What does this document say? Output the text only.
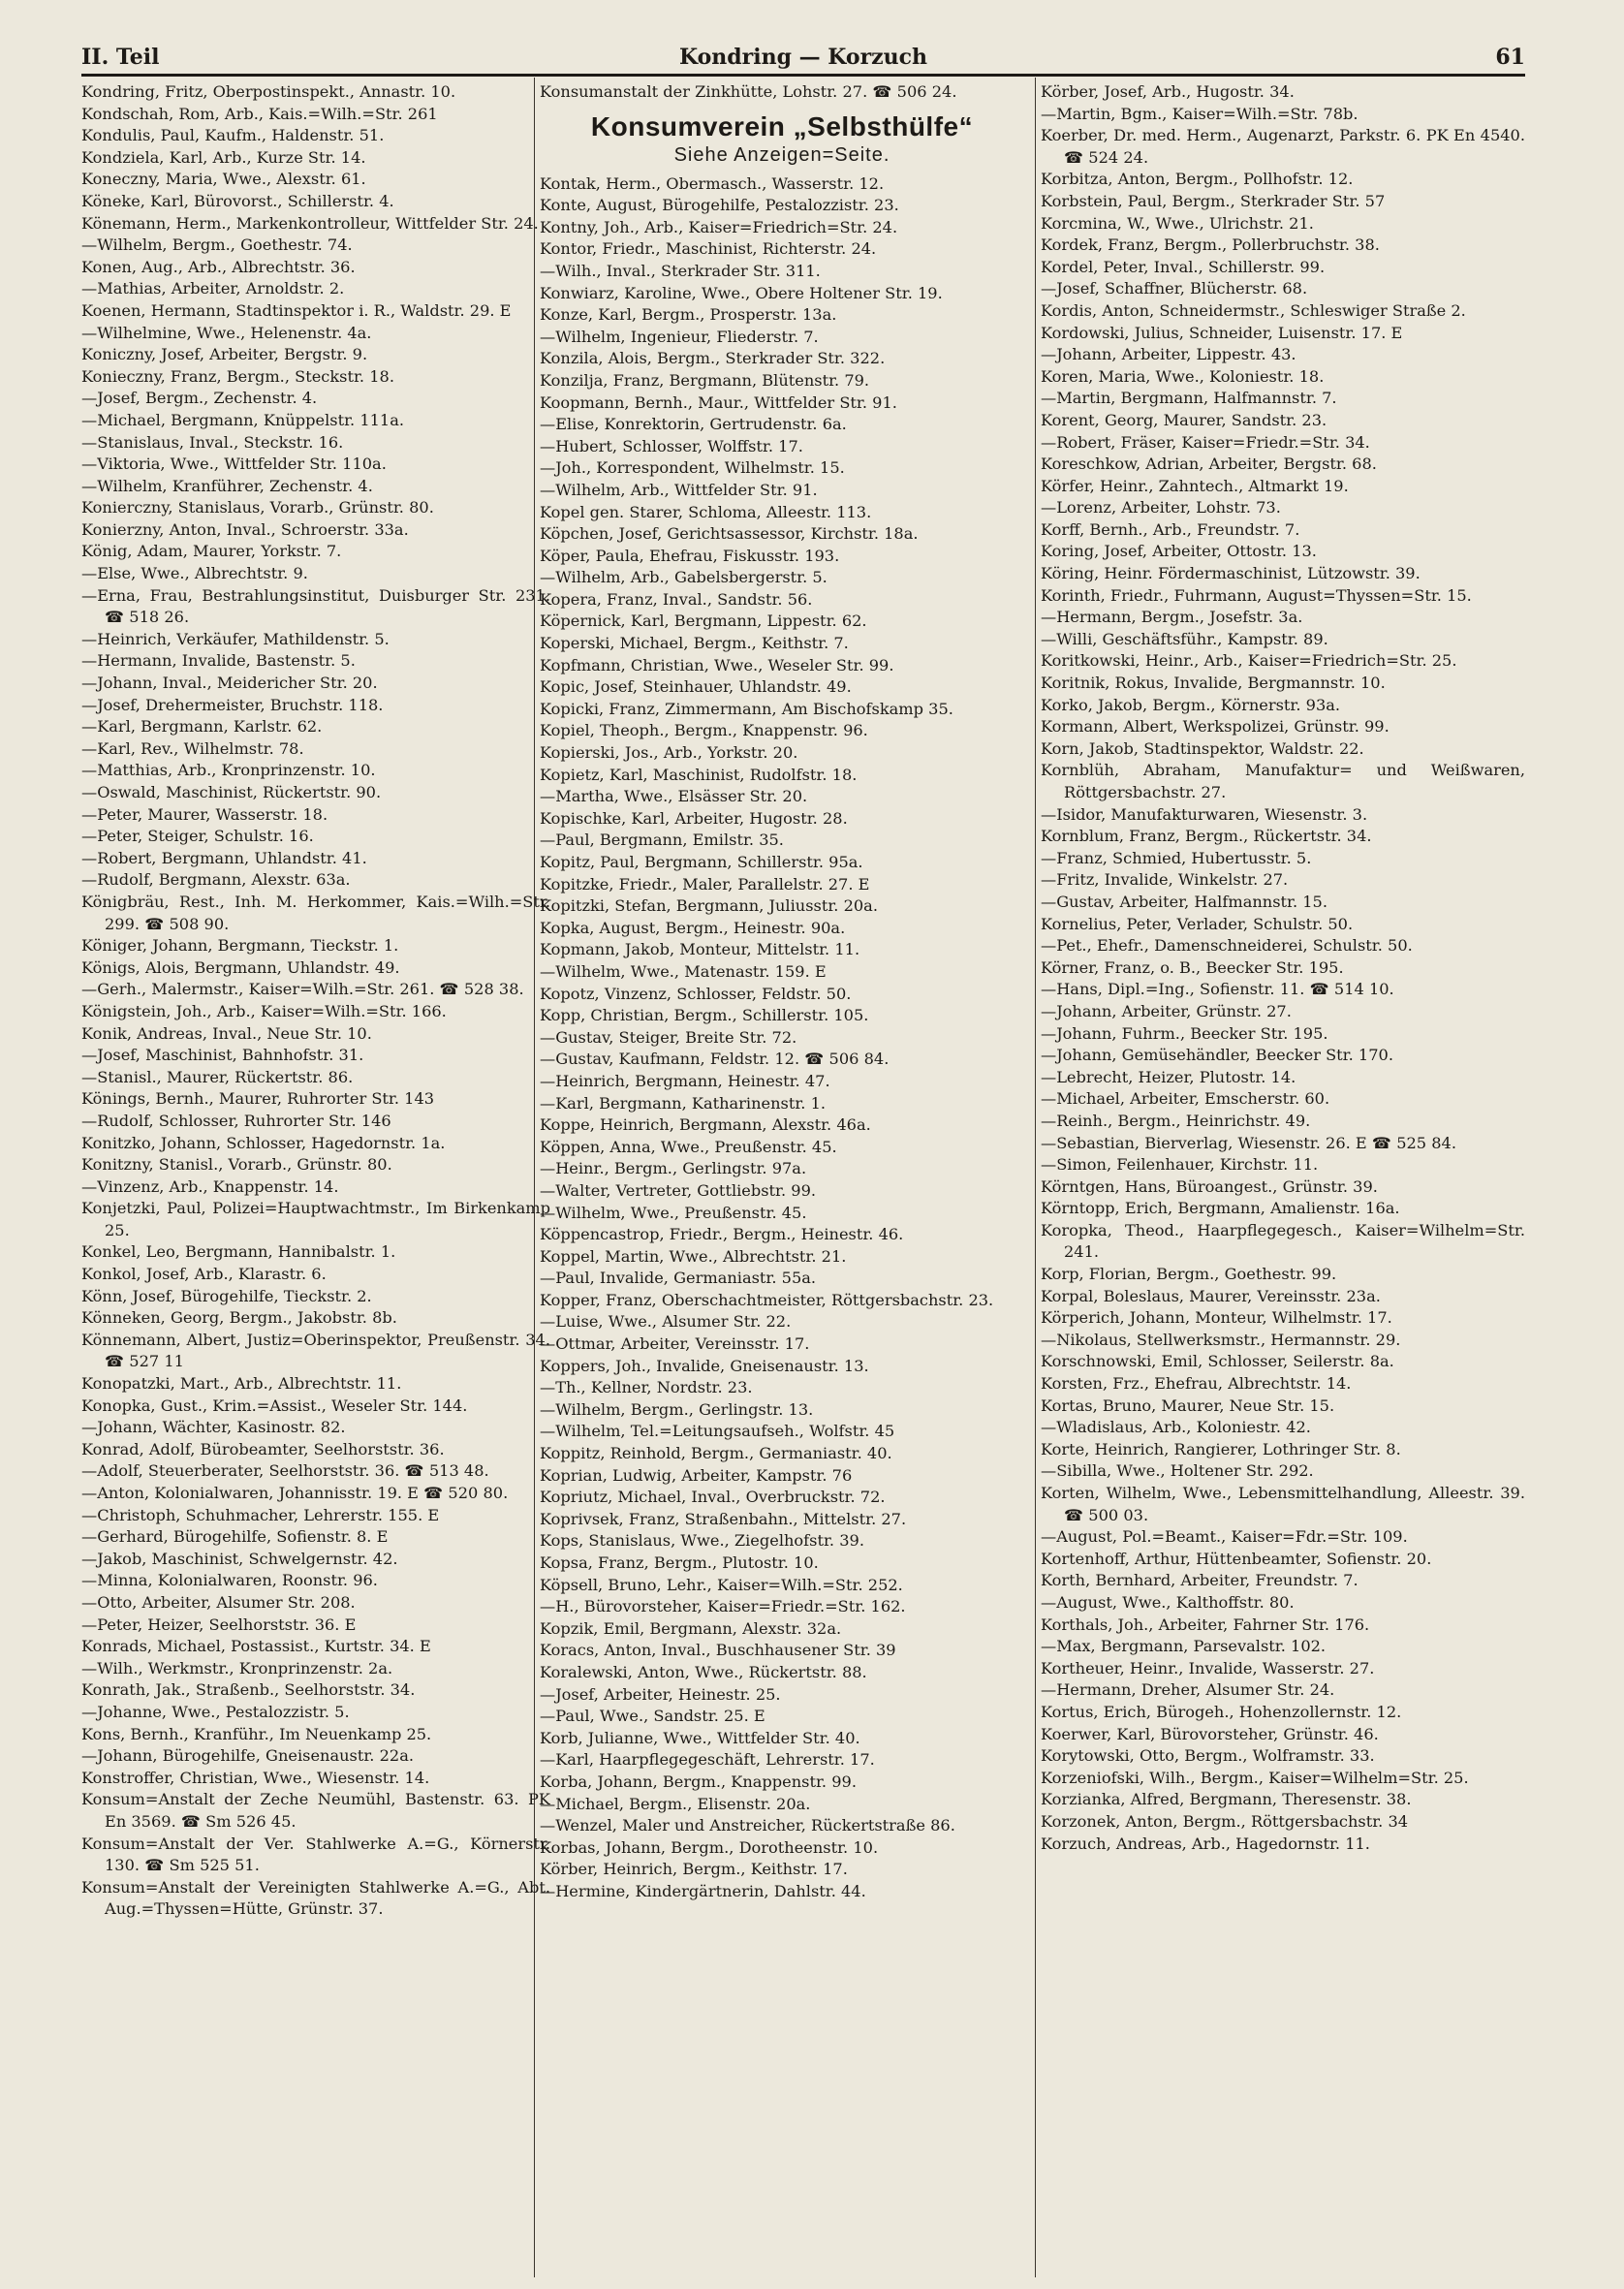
II. Teil	Kondring — Korzuch	61
Kondring, Fritz, Oberpostinspekt., Annastr. 10.
Kondschah, Rom, Arb., Kais.=Wilh.=Str. 261
Kondulis, Paul, Kaufm., Haldenstr. 51.
Kondziela, Karl, Arb., Kurze Str. 14.
Koneczny, Maria, Wwe., Alexstr. 61.
Köneke, Karl, Bürovorst., Schillerstr. 4.
Könemann, Herm., Markenkontrolleur, Wittfelder Str. 24.
—Wilhelm, Bergm., Goethestr. 74.
Konen, Aug., Arb., Albrechtstr. 36.
—Mathias, Arbeiter, Arnoldstr. 2.
Koenen, Hermann, Stadtinspektor i. R., Waldstr. 29. E
—Wilhelmine, Wwe., Helenenstr. 4a.
Koniczny, Josef, Arbeiter, Bergstr. 9.
Konieczny, Franz, Bergm., Steckstr. 18.
—Josef, Bergm., Zechenstr. 4.
—Michael, Bergmann, Knüppelstr. 111a.
—Stanislaus, Inval., Steckstr. 16.
—Viktoria, Wwe., Wittfelder Str. 110a.
—Wilhelm, Kranführer, Zechenstr. 4.
Konierczny, Stanislaus, Vorarb., Grünstr. 80.
Konierzny, Anton, Inval., Schroerstr. 33a.
König, Adam, Maurer, Yorkstr. 7.
—Else, Wwe., Albrechtstr. 9.
—Erna, Frau, Bestrahlungsinstitut, Duisburger Str. 231. ☎ 518 26.
—Heinrich, Verkäufer, Mathildenstr. 5.
—Hermann, Invalide, Bastenstr. 5.
—Johann, Inval., Meidericher Str. 20.
—Josef, Drehermeister, Bruchstr. 118.
—Karl, Bergmann, Karlstr. 62.
—Karl, Rev., Wilhelmstr. 78.
—Matthias, Arb., Kronprinzenstr. 10.
—Oswald, Maschinist, Rückertstr. 90.
—Peter, Maurer, Wasserstr. 18.
—Peter, Steiger, Schulstr. 16.
—Robert, Bergmann, Uhlandstr. 41.
—Rudolf, Bergmann, Alexstr. 63a.
Königbräu, Rest., Inh. M. Herkommer, Kais.=Wilh.=Str. 299. ☎ 508 90.
Königer, Johann, Bergmann, Tieckstr. 1.
Königs, Alois, Bergmann, Uhlandstr. 49.
—Gerh., Malermstr., Kaiser=Wilh.=Str. 261. ☎ 528 38.
Königstein, Joh., Arb., Kaiser=Wilh.=Str. 166.
Konik, Andreas, Inval., Neue Str. 10.
—Josef, Maschinist, Bahnhofstr. 31.
—Stanisl., Maurer, Rückertstr. 86.
Könings, Bernh., Maurer, Ruhrorter Str. 143
—Rudolf, Schlosser, Ruhrorter Str. 146
Konitzko, Johann, Schlosser, Hagedornstr. 1a.
Konitzny, Stanisl., Vorarb., Grünstr. 80.
—Vinzenz, Arb., Knappenstr. 14.
Konjetzki, Paul, Polizei=Hauptwachtmstr., Im Birkenkamp 25.
Konkel, Leo, Bergmann, Hannibalstr. 1.
Konkol, Josef, Arb., Klarastr. 6.
Könn, Josef, Bürogehilfe, Tieckstr. 2.
Könneken, Georg, Bergm., Jakobstr. 8b.
Könnemann, Albert, Justiz=Oberinspektor, Preußenstr. 34. ☎ 527 11
Konopatzki, Mart., Arb., Albrechtstr. 11.
Konopka, Gust., Krim.=Assist., Weseler Str. 144.
—Johann, Wächter, Kasinostr. 82.
Konrad, Adolf, Bürobeamter, Seelhorststr. 36.
—Adolf, Steuerberater, Seelhorststr. 36. ☎ 513 48.
—Anton, Kolonialwaren, Johannisstr. 19. E ☎ 520 80.
—Christoph, Schuhmacher, Lehrerstr. 155. E
—Gerhard, Bürogehilfe, Sofienstr. 8. E
—Jakob, Maschinist, Schwelgernstr. 42.
—Minna, Kolonialwaren, Roonstr. 96.
—Otto, Arbeiter, Alsumer Str. 208.
—Peter, Heizer, Seelhorststr. 36. E
Konrads, Michael, Postassist., Kurtstr. 34. E
—Wilh., Werkmstr., Kronprinzenstr. 2a.
Konrath, Jak., Straßenb., Seelhorststr. 34.
—Johanne, Wwe., Pestalozzistr. 5.
Kons, Bernh., Kranführ., Im Neuenkamp 25.
—Johann, Bürogehilfe, Gneisenaustr. 22a.
Konstroffer, Christian, Wwe., Wiesenstr. 14.
Konsum=Anstalt der Zeche Neumühl, Bastenstr. 63. PK En 3569. ☎ Sm 526 45.
Konsum=Anstalt der Ver. Stahlwerke A.=G., Körnerstr. 130. ☎ Sm 525 51.
Konsum=Anstalt der Vereinigten Stahlwerke A.=G., Abt. Aug.=Thyssen=Hütte, Grünstr. 37.
Konsumanstalt der Zinkhütte, Lohstr. 27. ☎ 506 24.
Konsumverein „Selbsthülfe“
Siehe Anzeigen=Seite.
Kontak, Herm., Obermasch., Wasserstr. 12.
Konte, August, Bürogehilfe, Pestalozzistr. 23.
Kontny, Joh., Arb., Kaiser=Friedrich=Str. 24.
Kontor, Friedr., Maschinist, Richterstr. 24.
—Wilh., Inval., Sterkrader Str. 311.
Konwiarz, Karoline, Wwe., Obere Holtener Str. 19.
Konze, Karl, Bergm., Prosperstr. 13a.
—Wilhelm, Ingenieur, Fliederstr. 7.
Konzila, Alois, Bergm., Sterkrader Str. 322.
Konzilja, Franz, Bergmann, Blütenstr. 79.
Koopmann, Bernh., Maur., Wittfelder Str. 91.
—Elise, Konrektorin, Gertrudenstr. 6a.
—Hubert, Schlosser, Wolffstr. 17.
—Joh., Korrespondent, Wilhelmstr. 15.
—Wilhelm, Arb., Wittfelder Str. 91.
Kopel gen. Starer, Schloma, Alleestr. 113.
Köpchen, Josef, Gerichtsassessor, Kirchstr. 18a.
Köper, Paula, Ehefrau, Fiskusstr. 193.
—Wilhelm, Arb., Gabelsbergerstr. 5.
Kopera, Franz, Inval., Sandstr. 56.
Köpernick, Karl, Bergmann, Lippestr. 62.
Koperski, Michael, Bergm., Keithstr. 7.
Kopfmann, Christian, Wwe., Weseler Str. 99.
Kopic, Josef, Steinhauer, Uhlandstr. 49.
Kopicki, Franz, Zimmermann, Am Bischofskamp 35.
Kopiel, Theoph., Bergm., Knappenstr. 96.
Kopierski, Jos., Arb., Yorkstr. 20.
Kopietz, Karl, Maschinist, Rudolfstr. 18.
—Martha, Wwe., Elsässer Str. 20.
Kopischke, Karl, Arbeiter, Hugostr. 28.
—Paul, Bergmann, Emilstr. 35.
Kopitz, Paul, Bergmann, Schillerstr. 95a.
Kopitzke, Friedr., Maler, Parallelstr. 27. E
Kopitzki, Stefan, Bergmann, Juliusstr. 20a.
Kopka, August, Bergm., Heinestr. 90a.
Kopmann, Jakob, Monteur, Mittelstr. 11.
—Wilhelm, Wwe., Matenastr. 159. E
Kopotz, Vinzenz, Schlosser, Feldstr. 50.
Kopp, Christian, Bergm., Schillerstr. 105.
—Gustav, Steiger, Breite Str. 72.
—Gustav, Kaufmann, Feldstr. 12. ☎ 506 84.
—Heinrich, Bergmann, Heinestr. 47.
—Karl, Bergmann, Katharinenstr. 1.
Koppe, Heinrich, Bergmann, Alexstr. 46a.
Köppen, Anna, Wwe., Preußenstr. 45.
—Heinr., Bergm., Gerlingstr. 97a.
—Walter, Vertreter, Gottliebstr. 99.
—Wilhelm, Wwe., Preußenstr. 45.
Köppencastrop, Friedr., Bergm., Heinestr. 46.
Koppel, Martin, Wwe., Albrechtstr. 21.
—Paul, Invalide, Germaniastr. 55a.
Kopper, Franz, Oberschachtmeister, Röttgersbachstr. 23.
—Luise, Wwe., Alsumer Str. 22.
—Ottmar, Arbeiter, Vereinsstr. 17.
Koppers, Joh., Invalide, Gneisenaustr. 13.
—Th., Kellner, Nordstr. 23.
—Wilhelm, Bergm., Gerlingstr. 13.
—Wilhelm, Tel.=Leitungsaufseh., Wolfstr. 45
Koppitz, Reinhold, Bergm., Germaniastr. 40.
Koprian, Ludwig, Arbeiter, Kampstr. 76
Kopriutz, Michael, Inval., Overbruckstr. 72.
Koprivsek, Franz, Straßenbahn., Mittelstr. 27.
Kops, Stanislaus, Wwe., Ziegelhofstr. 39.
Kopsa, Franz, Bergm., Plutostr. 10.
Köpsell, Bruno, Lehr., Kaiser=Wilh.=Str. 252.
—H., Bürovorsteher, Kaiser=Friedr.=Str. 162.
Kopzik, Emil, Bergmann, Alexstr. 32a.
Koracs, Anton, Inval., Buschhausener Str. 39
Koralewski, Anton, Wwe., Rückertstr. 88.
—Josef, Arbeiter, Heinestr. 25.
—Paul, Wwe., Sandstr. 25. E
Korb, Julianne, Wwe., Wittfelder Str. 40.
—Karl, Haarpflegegeschäft, Lehrerstr. 17.
Korba, Johann, Bergm., Knappenstr. 99.
—Michael, Bergm., Elisenstr. 20a.
—Wenzel, Maler und Anstreicher, Rückertstraße 86.
Korbas, Johann, Bergm., Dorotheenstr. 10.
Körber, Heinrich, Bergm., Keithstr. 17.
—Hermine, Kindergärtnerin, Dahlstr. 44.
Körber, Josef, Arb., Hugostr. 34.
—Martin, Bgm., Kaiser=Wilh.=Str. 78b.
Koerber, Dr. med. Herm., Augenarzt, Parkstr. 6. PK En 4540. ☎ 524 24.
Korbitza, Anton, Bergm., Pollhofstr. 12.
Korbstein, Paul, Bergm., Sterkrader Str. 57
Korcmina, W., Wwe., Ulrichstr. 21.
Kordek, Franz, Bergm., Pollerbruchstr. 38.
Kordel, Peter, Inval., Schillerstr. 99.
—Josef, Schaffner, Blücherstr. 68.
Kordis, Anton, Schneidermstr., Schleswiger Straße 2.
Kordowski, Julius, Schneider, Luisenstr. 17. E
—Johann, Arbeiter, Lippestr. 43.
Koren, Maria, Wwe., Koloniestr. 18.
—Martin, Bergmann, Halfmannstr. 7.
Korent, Georg, Maurer, Sandstr. 23.
—Robert, Fräser, Kaiser=Friedr.=Str. 34.
Koreschkow, Adrian, Arbeiter, Bergstr. 68.
Körfer, Heinr., Zahntech., Altmarkt 19.
—Lorenz, Arbeiter, Lohstr. 73.
Korff, Bernh., Arb., Freundstr. 7.
Koring, Josef, Arbeiter, Ottostr. 13.
Köring, Heinr. Fördermaschinist, Lützowstr. 39.
Korinth, Friedr., Fuhrmann, August=Thyssen=Str. 15.
—Hermann, Bergm., Josefstr. 3a.
—Willi, Geschäftsführ., Kampstr. 89.
Koritkowski, Heinr., Arb., Kaiser=Friedrich=Str. 25.
Koritnik, Rokus, Invalide, Bergmannstr. 10.
Korko, Jakob, Bergm., Körnerstr. 93a.
Kormann, Albert, Werkspolizei, Grünstr. 99.
Korn, Jakob, Stadtinspektor, Waldstr. 22.
Kornblüh, Abraham, Manufaktur= und Weißwaren, Röttgersbachstr. 27.
—Isidor, Manufakturwaren, Wiesenstr. 3.
Kornblum, Franz, Bergm., Rückertstr. 34.
—Franz, Schmied, Hubertusstr. 5.
—Fritz, Invalide, Winkelstr. 27.
—Gustav, Arbeiter, Halfmannstr. 15.
Kornelius, Peter, Verlader, Schulstr. 50.
—Pet., Ehefr., Damenschneiderei, Schulstr. 50.
Körner, Franz, o. B., Beecker Str. 195.
—Hans, Dipl.=Ing., Sofienstr. 11. ☎ 514 10.
—Johann, Arbeiter, Grünstr. 27.
—Johann, Fuhrm., Beecker Str. 195.
—Johann, Gemüsehändler, Beecker Str. 170.
—Lebrecht, Heizer, Plutostr. 14.
—Michael, Arbeiter, Emscherstr. 60.
—Reinh., Bergm., Heinrichstr. 49.
—Sebastian, Bierverlag, Wiesenstr. 26. E ☎ 525 84.
—Simon, Feilenhauer, Kirchstr. 11.
Körntgen, Hans, Büroangest., Grünstr. 39.
Körntopp, Erich, Bergmann, Amalienstr. 16a.
Koropka, Theod., Haarpflegegesch., Kaiser=Wilhelm=Str. 241.
Korp, Florian, Bergm., Goethestr. 99.
Korpal, Boleslaus, Maurer, Vereinsstr. 23a.
Körperich, Johann, Monteur, Wilhelmstr. 17.
—Nikolaus, Stellwerksmstr., Hermannstr. 29.
Korschnowski, Emil, Schlosser, Seilerstr. 8a.
Korsten, Frz., Ehefrau, Albrechtstr. 14.
Kortas, Bruno, Maurer, Neue Str. 15.
—Wladislaus, Arb., Koloniestr. 42.
Korte, Heinrich, Rangierer, Lothringer Str. 8.
—Sibilla, Wwe., Holtener Str. 292.
Korten, Wilhelm, Wwe., Lebensmittelhandlung, Alleestr. 39. ☎ 500 03.
—August, Pol.=Beamt., Kaiser=Fdr.=Str. 109.
Kortenhoff, Arthur, Hüttenbeamter, Sofienstr. 20.
Korth, Bernhard, Arbeiter, Freundstr. 7.
—August, Wwe., Kalthoffstr. 80.
Korthals, Joh., Arbeiter, Fahrner Str. 176.
—Max, Bergmann, Parsevalstr. 102.
Kortheuer, Heinr., Invalide, Wasserstr. 27.
—Hermann, Dreher, Alsumer Str. 24.
Kortus, Erich, Bürogeh., Hohenzollernstr. 12.
Koerwer, Karl, Bürovorsteher, Grünstr. 46.
Korytowski, Otto, Bergm., Wolframstr. 33.
Korzeniofski, Wilh., Bergm., Kaiser=Wilhelm=Str. 25.
Korzianka, Alfred, Bergmann, Theresenstr. 38.
Korzonek, Anton, Bergm., Röttgersbachstr. 34
Korzuch, Andreas, Arb., Hagedornstr. 11.
